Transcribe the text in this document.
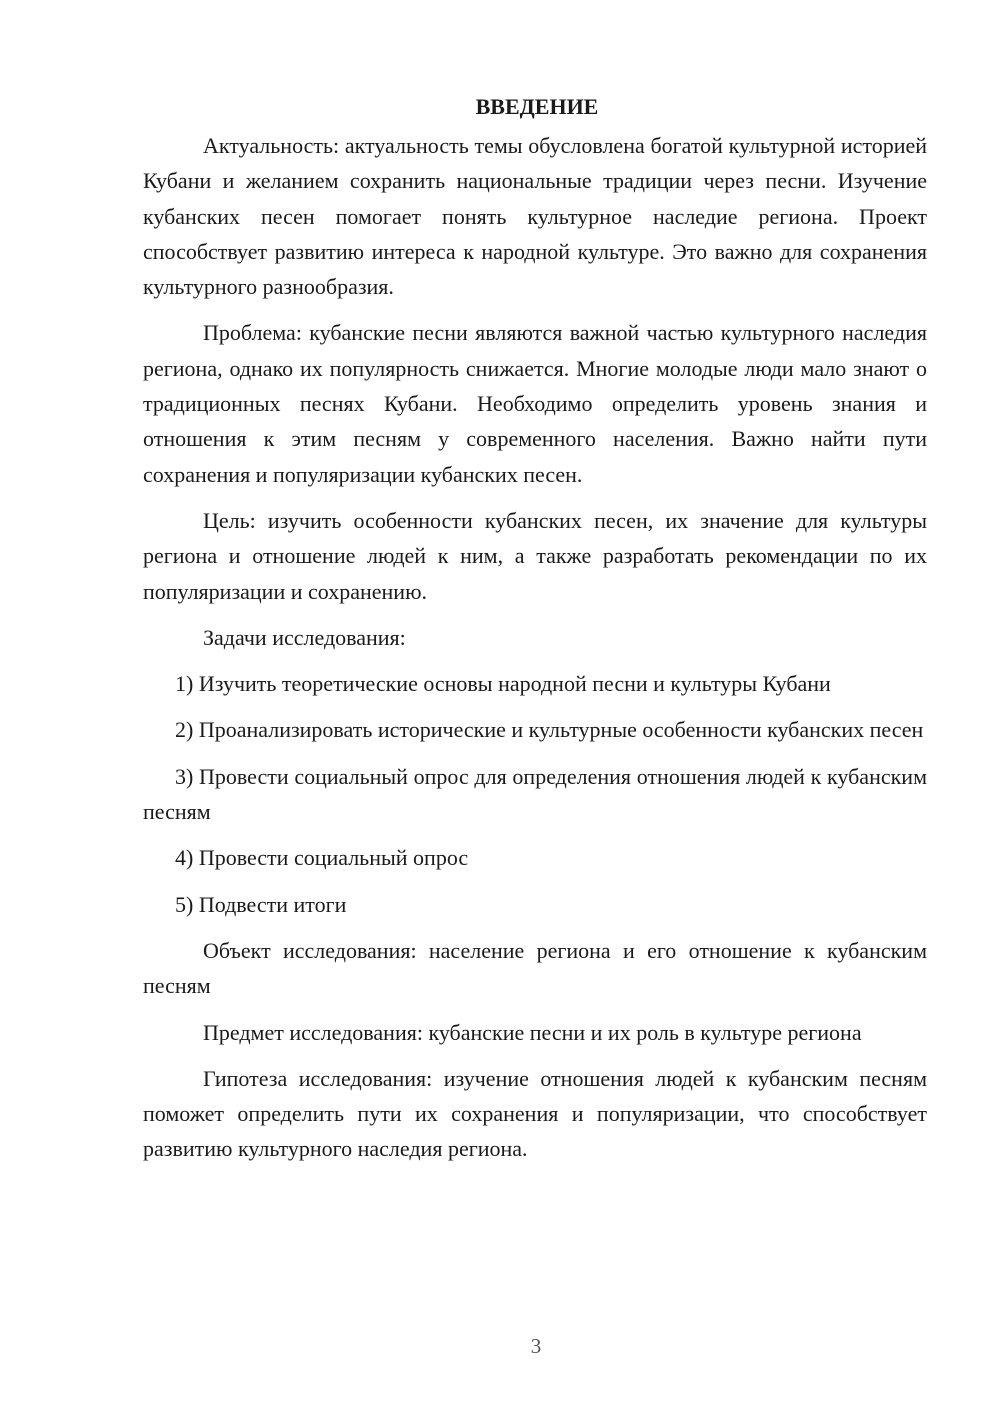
ВВЕДЕНИЕ

Актуальность: актуальность темы обусловлена богатой культурной историей Кубани и желанием сохранить национальные традиции через песни. Изучение кубанских песен помогает понять культурное наследие региона. Проект способствует развитию интереса к народной культуре. Это важно для сохранения культурного разнообразия.

Проблема: кубанские песни являются важной частью культурного наследия региона, однако их популярность снижается. Многие молодые люди мало знают о традиционных песнях Кубани. Необходимо определить уровень знания и отношения к этим песням у современного населения. Важно найти пути сохранения и популяризации кубанских песен.

Цель: изучить особенности кубанских песен, их значение для культуры региона и отношение людей к ним, а также разработать рекомендации по их популяризации и сохранению.

Задачи исследования:

1) Изучить теоретические основы народной песни и культуры Кубани

2) Проанализировать исторические и культурные особенности кубанских песен

3) Провести социальный опрос для определения отношения людей к кубанским песням

4) Провести социальный опрос

5) Подвести итоги

Объект исследования: население региона и его отношение к кубанским песням

Предмет исследования: кубанские песни и их роль в культуре региона

Гипотеза исследования: изучение отношения людей к кубанским песням поможет определить пути их сохранения и популяризации, что способствует развитию культурного наследия региона.

3
